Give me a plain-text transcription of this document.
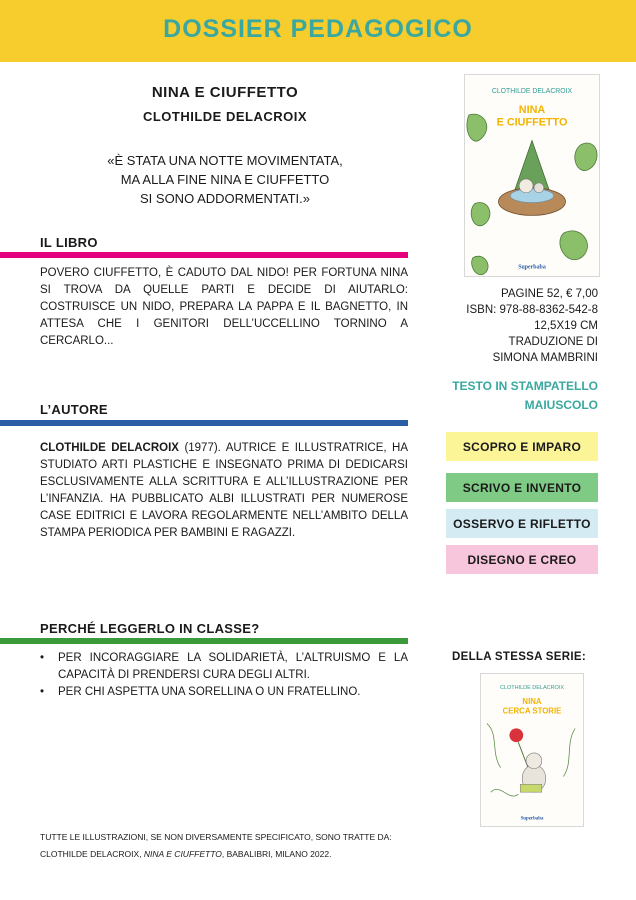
DOSSIER PEDAGOGICO
NINA E CIUFFETTO
CLOTHILDE DELACROIX

«È STATA UNA NOTTE MOVIMENTATA,

MA ALLA FINE NINA E CIUFFETTO

SI SONO ADDORMENTATI.»

IL LIBRO
POVERO CIUFFETTO, È CADUTO DAL NIDO! PER FORTUNA NINA SI TROVA DA QUELLE PARTI E DECIDE DI AIUTARLO: COSTRUISCE UN NIDO, PREPARA LA PAPPA E IL BAGNETTO, IN ATTESA CHE I GENITORI DELL’UCCELLINO TORNINO A CERCARLO...
L’AUTORE
CLOTHILDE DELACROIX (1977). AUTRICE E ILLUSTRATRICE, HA STUDIATO ARTI PLASTICHE E INSEGNATO PRIMA DI DEDICARSI ESCLUSIVAMENTE ALLA SCRITTURA E ALL’ILLUSTRAZIONE PER L’INFANZIA. HA PUBBLICATO ALBI ILLUSTRATI PER NUMEROSE CASE EDITRICI E LAVORA REGOLARMENTE NELL’AMBITO DELLA STAMPA PERIODICA PER BAMBINI E RAGAZZI.
PERCHÉ LEGGERLO IN CLASSE?
• PER INCORAGGIARE LA SOLIDARIETÀ, L’ALTRUISMO E LA CAPACITÀ DI PRENDERSI CURA DEGLI ALTRI.
• PER CHI ASPETTA UNA SORELLINA O UN FRATELLINO.

TUTTE LE ILLUSTRAZIONI, SE NON DIVERSAMENTE SPECIFICATO, SONO TRATTE DA:

CLOTHILDE DELACROIX, NINA E CIUFFETTO, BABALIBRI, MILANO 2022.

CLOTHILDE DELACROIX
NINA
E CIUFFETTO
Superbaba

PAGINE 52, € 7,00

ISBN: 978-88-8362-542-8

12,5X19 CM

TRADUZIONE DI

SIMONA MAMBRINI

TESTO IN STAMPATELLO
MAIUSCOLO
SCOPRO E IMPARO
SCRIVO E INVENTO
OSSERVO E RIFLETTO
DISEGNO E CREO
DELLA STESSA SERIE:
CLOTHILDE DELACROIX
NINA
CERCA STORIE
Superbaba
